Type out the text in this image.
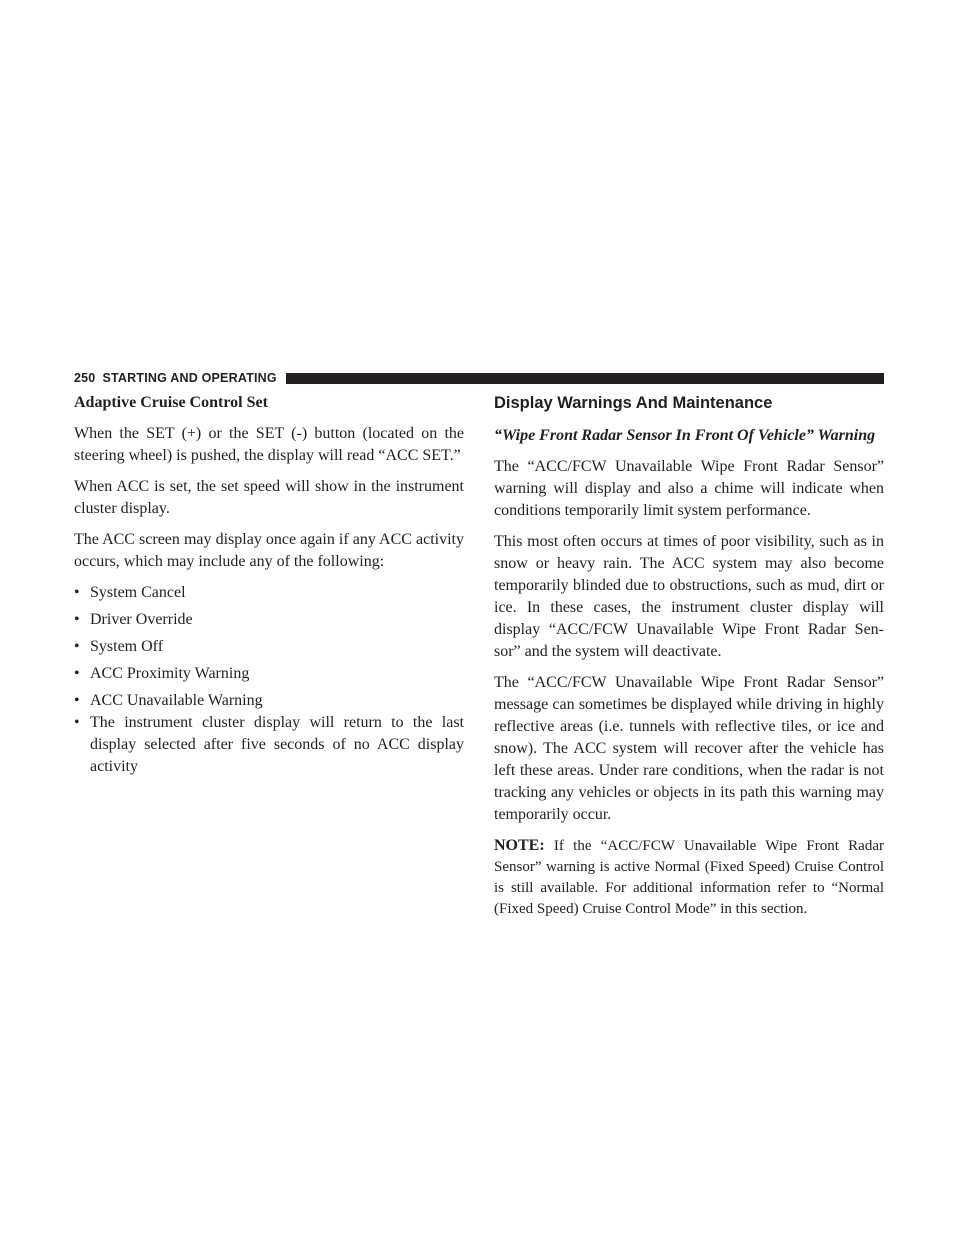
250 STARTING AND OPERATING
Adaptive Cruise Control Set

When the SET (+) or the SET (-) button (located on the steering wheel) is pushed, the display will read “ACC SET.”

When ACC is set, the set speed will show in the instrument cluster display.

The ACC screen may display once again if any ACC activity occurs, which may include any of the following:

• System Cancel
• Driver Override
• System Off
• ACC Proximity Warning
• ACC Unavailable Warning
• The instrument cluster display will return to the last display selected after five seconds of no ACC display activity
Display Warnings And Maintenance
“Wipe Front Radar Sensor In Front Of Vehicle” Warning

The “ACC/FCW Unavailable Wipe Front Radar Sensor” warning will display and also a chime will indicate when conditions temporarily limit system performance.

This most often occurs at times of poor visibility, such as in snow or heavy rain. The ACC system may also become temporarily blinded due to obstructions, such as mud, dirt or ice. In these cases, the instrument cluster display will display “ACC/FCW Unavailable Wipe Front Radar Sen- sor” and the system will deactivate.

The “ACC/FCW Unavailable Wipe Front Radar Sensor” message can sometimes be displayed while driving in highly reflective areas (i.e. tunnels with reflective tiles, or ice and snow). The ACC system will recover after the vehicle has left these areas. Under rare conditions, when the radar is not tracking any vehicles or objects in its path this warning may temporarily occur.

NOTE: If the “ACC/FCW Unavailable Wipe Front Radar Sensor” warning is active Normal (Fixed Speed) Cruise Control is still available. For additional information refer to “Normal (Fixed Speed) Cruise Control Mode” in this section.
